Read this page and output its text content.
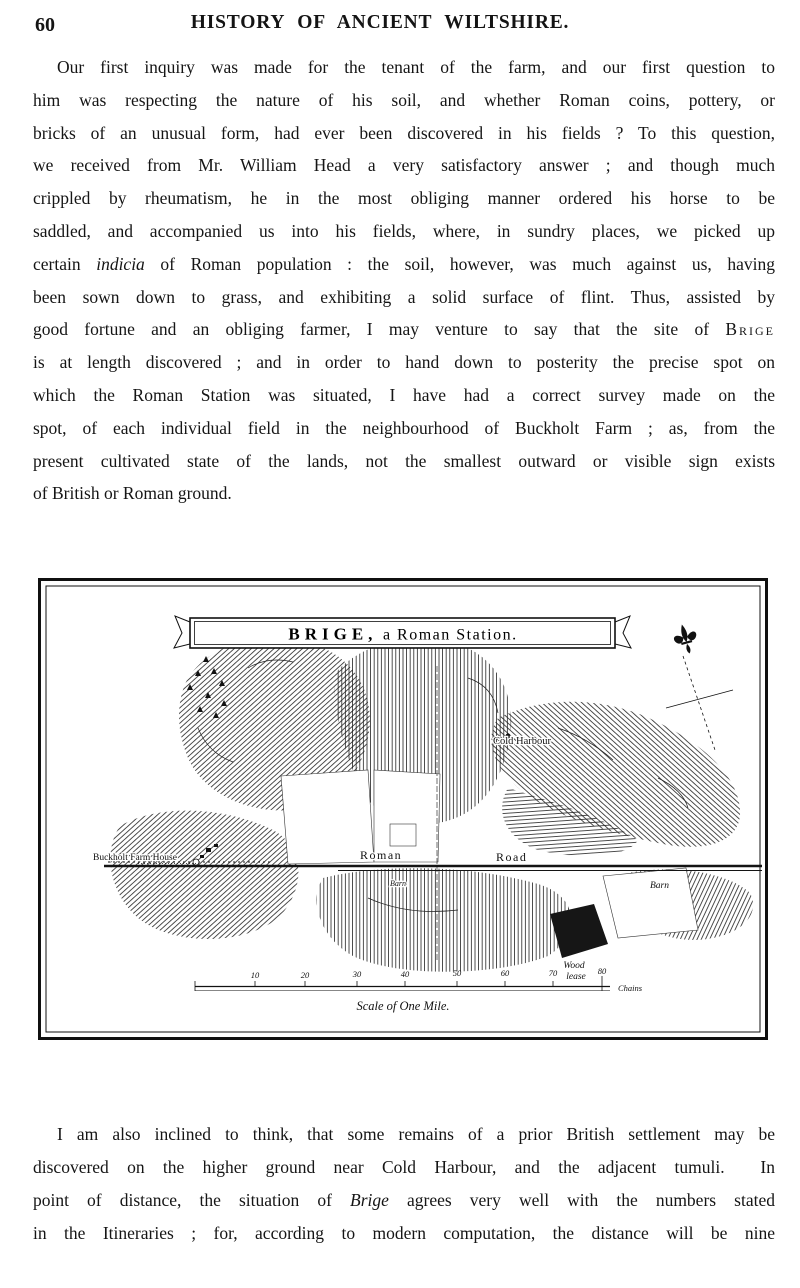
60	HISTORY OF ANCIENT WILTSHIRE.
Our first inquiry was made for the tenant of the farm, and our first question to
him was respecting the nature of his soil, and whether Roman coins, pottery, or
bricks of an unusual form, had ever been discovered in his fields ? To this question,
we received from Mr. William Head a very satisfactory answer ; and though much
crippled by rheumatism, he in the most obliging manner ordered his horse to be
saddled, and accompanied us into his fields, where, in sundry places, we picked up
certain indicia of Roman population : the soil, however, was much against us, having
been sown down to grass, and exhibiting a solid surface of flint. Thus, assisted by
good fortune and an obliging farmer, I may venture to say that the site of Brige
is at length discovered ; and in order to hand down to posterity the precise spot on
which the Roman Station was situated, I have had a correct survey made on the
spot, of each individual field in the neighbourhood of Buckholt Farm ; as, from the
present cultivated state of the lands, not the smallest outward or visible sign exists
of British or Roman ground.
BRIGE, a Roman Station.
Cold Harbour
Buckholt Farm House	Roman	Road
Barn	Barn
Wood
lease
10	20	30	40	50	60	70	80
Chains
Scale of One Mile.
I am also inclined to think, that some remains of a prior British settlement may be
discovered on the higher ground near Cold Harbour, and the adjacent tumuli.  In
point of distance, the situation of Brige agrees very well with the numbers stated
in the Itineraries ; for, according to modern computation, the distance will be nine
